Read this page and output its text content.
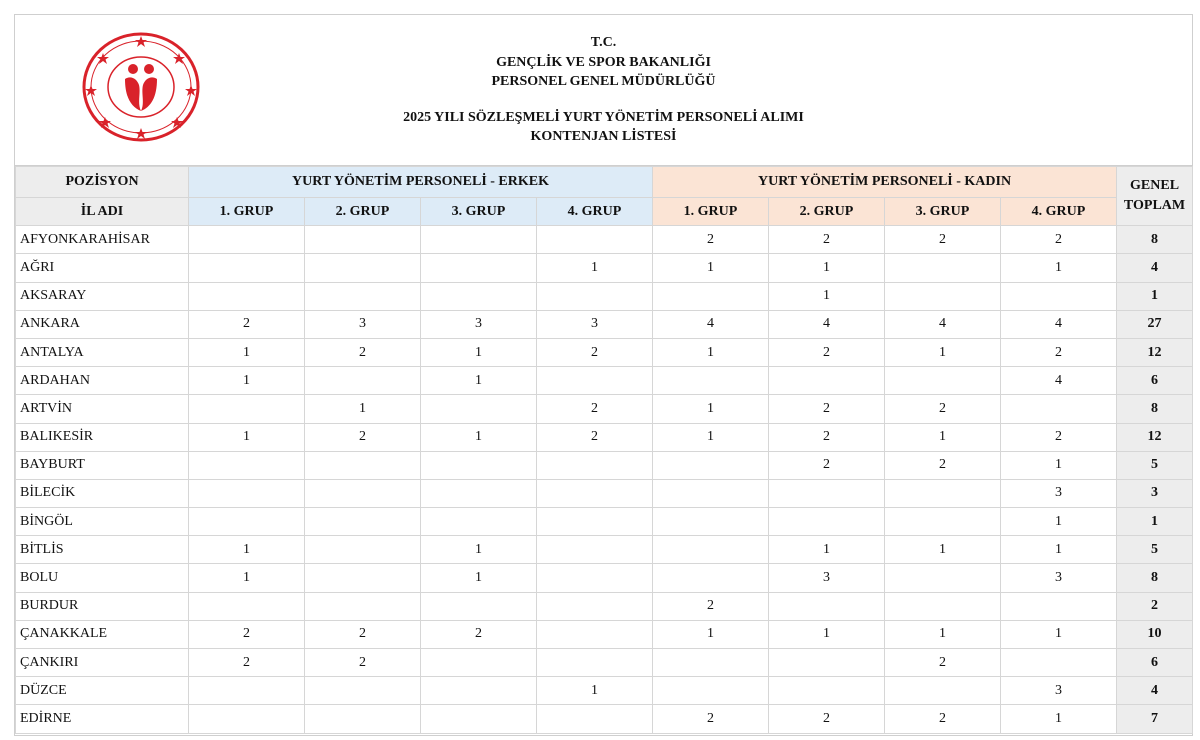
T.C.
GENÇLİK VE SPOR BAKANLIĞI
PERSONEL GENEL MÜDÜRLÜĞÜ
2025 YILI SÖZLEŞMELİ YURT YÖNETİM PERSONELİ ALIMI
KONTENJAN LİSTESİ
POZİSYON	YURT YÖNETİM PERSONELİ - ERKEK				YURT YÖNETİM PERSONELİ - KADIN				GENEL
TOPLAM
İL ADI	1. GRUP	2. GRUP	3. GRUP	4. GRUP	1. GRUP	2. GRUP	3. GRUP	4. GRUP	
AFYONKARAHİSAR					2	2	2	2	8
AĞRI				1	1	1		1	4
AKSARAY						1			1
ANKARA	2	3	3	3	4	4	4	4	27
ANTALYA	1	2	1	2	1	2	1	2	12
ARDAHAN	1		1					4	6
ARTVİN		1		2	1	2	2		8
BALIKESİR	1	2	1	2	1	2	1	2	12
BAYBURT						2	2	1	5
BİLECİK								3	3
BİNGÖL								1	1
BİTLİS	1		1			1	1	1	5
BOLU	1		1			3		3	8
BURDUR					2				2
ÇANAKKALE	2	2	2		1	1	1	1	10
ÇANKIRI	2	2					2		6
DÜZCE				1				3	4
EDİRNE					2	2	2	1	7
